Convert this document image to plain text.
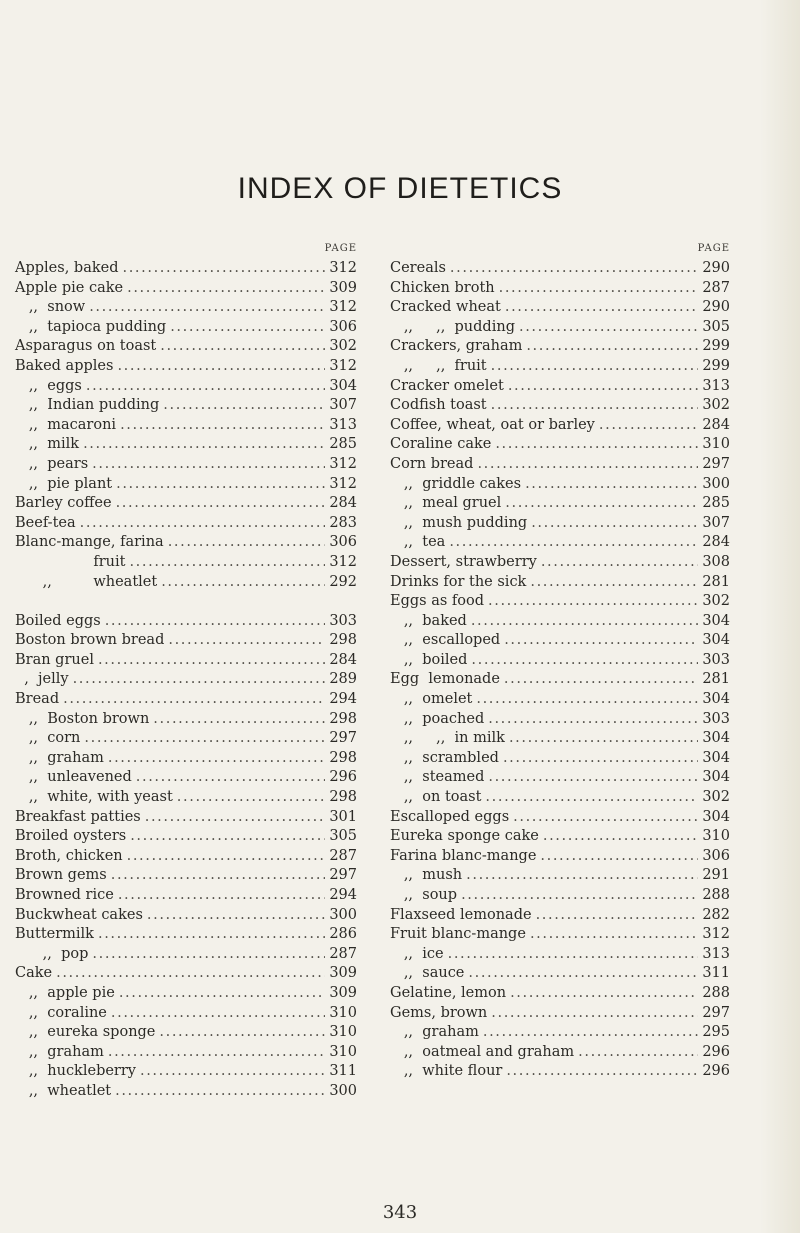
INDEX OF DIETETICS
PAGE
Apples, baked . . .	312
Apple pie cake . . .	309
,,  snow . . .	312
,,  tapioca pudding . . .	306
Asparagus on toast . . .	302
Baked apples . . .	312
,,  eggs . . .	304
,,  Indian pudding . . .	307
,,  macaroni . . .	313
,,  milk . . .	285
,,  pears . . .	312
,,  pie plant . . .	312
Barley coffee . . .	284
Beef-tea . . .	283
Blanc-mange, farina . . .	306
fruit . . .	312
,,         wheatlet . . .	292
Boiled eggs . . .	303
Boston brown bread . . .	298
Bran gruel . . .	284
,  jelly . . .	289
Bread . . .	294
,,  Boston brown . . .	298
,,  corn . . .	297
,,  graham . . .	298
,,  unleavened . . .	296
,,  white, with yeast . . .	298
Breakfast patties . . .	301
Broiled oysters . . .	305
Broth, chicken . . .	287
Brown gems . . .	297
Browned rice . . .	294
Buckwheat cakes . . .	300
Buttermilk . . .	286
,,  pop . . .	287
Cake . . .	309
,,  apple pie . . .	309
,,  coraline . . .	310
,,  eureka sponge . . .	310
,,  graham . . .	310
,,  huckleberry . . .	311
,,  wheatlet . . .	300
PAGE
Cereals . . .	290
Chicken broth . . .	287
Cracked wheat . . .	290
,,     ,,  pudding . . .	305
Crackers, graham . . .	299
,,     ,,  fruit . . .	299
Cracker omelet . . .	313
Codfish toast . . .	302
Coffee, wheat, oat or barley . . .	284
Coraline cake . . .	310
Corn bread . . .	297
,,  griddle cakes . . .	300
,,  meal gruel . . .	285
,,  mush pudding . . .	307
,,  tea . . .	284
Dessert, strawberry . . .	308
Drinks for the sick . . .	281
Eggs as food . . .	302
,,  baked . . .	304
,,  escalloped . . .	304
,,  boiled . . .	303
Egg  lemonade . . .	281
,,  omelet . . .	304
,,  poached . . .	303
,,     ,,  in milk . . .	304
,,  scrambled . . .	304
,,  steamed . . .	304
,,  on toast . . .	302
Escalloped eggs . . .	304
Eureka sponge cake . . .	310
Farina blanc-mange . . .	306
,,  mush . . .	291
,,  soup . . .	288
Flaxseed lemonade . . .	282
Fruit blanc-mange . . .	312
,,  ice . . .	313
,,  sauce . . .	311
Gelatine, lemon . . .	288
Gems, brown . . .	297
,,  graham . . .	295
,,  oatmeal and graham . . .	296
,,  white flour . . .	296
343
